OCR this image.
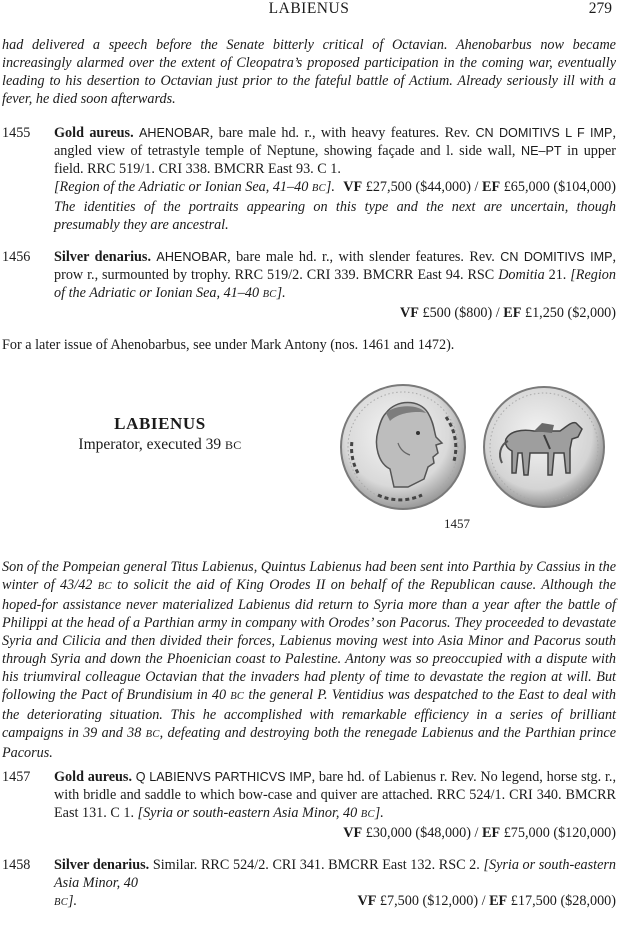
LABIENUS	279

had delivered a speech before the Senate bitterly critical of Octavian. Ahenobarbus now became increasingly alarmed over the extent of Cleopatra’s proposed participation in the coming war, eventually leading to his desertion to Octavian just prior to the fateful battle of Actium. Already seriously ill with a fever, he died soon afterwards.

1455	Gold aureus. AHENOBAR, bare male hd. r., with heavy features. Rev. CN DOMITIVS L F IMP, angled view of tetrastyle temple of Neptune, showing façade and l. side wall, NE–PT in upper field. RRC 519/1. CRI 338. BMCRR East 93. C 1.
[Region of the Adriatic or Ionian Sea, 41–40 BC]. VF £27,500 ($44,000) / EF £65,000 ($104,000)
The identities of the portraits appearing on this type and the next are uncertain, though presumably they are ancestral.
1456	Silver denarius. AHENOBAR, bare male hd. r., with slender features. Rev. CN DOMITIVS IMP, prow r., surmounted by trophy. RRC 519/2. CRI 339. BMCRR East 94. RSC Domitia 21. [Region of the Adriatic or Ionian Sea, 41–40 BC].
VF £500 ($800) / EF £1,250 ($2,000)

For a later issue of Ahenobarbus, see under Mark Antony (nos. 1461 and 1472).

LABIENUS
Imperator, executed 39 BC
1457

Son of the Pompeian general Titus Labienus, Quintus Labienus had been sent into Parthia by Cassius in the winter of 43/42 BC to solicit the aid of King Orodes II on behalf of the Republican cause. Although the hoped-for assistance never materialized Labienus did return to Syria more than a year after the battle of Philippi at the head of a Parthian army in company with Orodes’ son Pacorus. They proceeded to devastate Syria and Cilicia and then divided their forces, Labienus moving west into Asia Minor and Pacorus south through Syria and down the Phoenician coast to Palestine. Antony was so preoccupied with a dispute with his triumviral colleague Octavian that the invaders had plenty of time to devastate the region at will. But following the Pact of Brundisium in 40 BC the general P. Ventidius was despatched to the East to deal with the deteriorating situation. This he accomplished with remarkable efficiency in a series of brilliant campaigns in 39 and 38 BC, defeating and destroying both the renegade Labienus and the Parthian prince Pacorus.

1457	Gold aureus. Q LABIENVS PARTHICVS IMP, bare hd. of Labienus r. Rev. No legend, horse stg. r., with bridle and saddle to which bow-case and quiver are attached. RRC 524/1. CRI 340. BMCRR East 131. C 1. [Syria or south-eastern Asia Minor, 40 BC].
VF £30,000 ($48,000) / EF £75,000 ($120,000)
1458	Silver denarius. Similar. RRC 524/2. CRI 341. BMCRR East 132. RSC 2. [Syria or south-eastern Asia Minor, 40
BC].	VF £7,500 ($12,000) / EF £17,500 ($28,000)
